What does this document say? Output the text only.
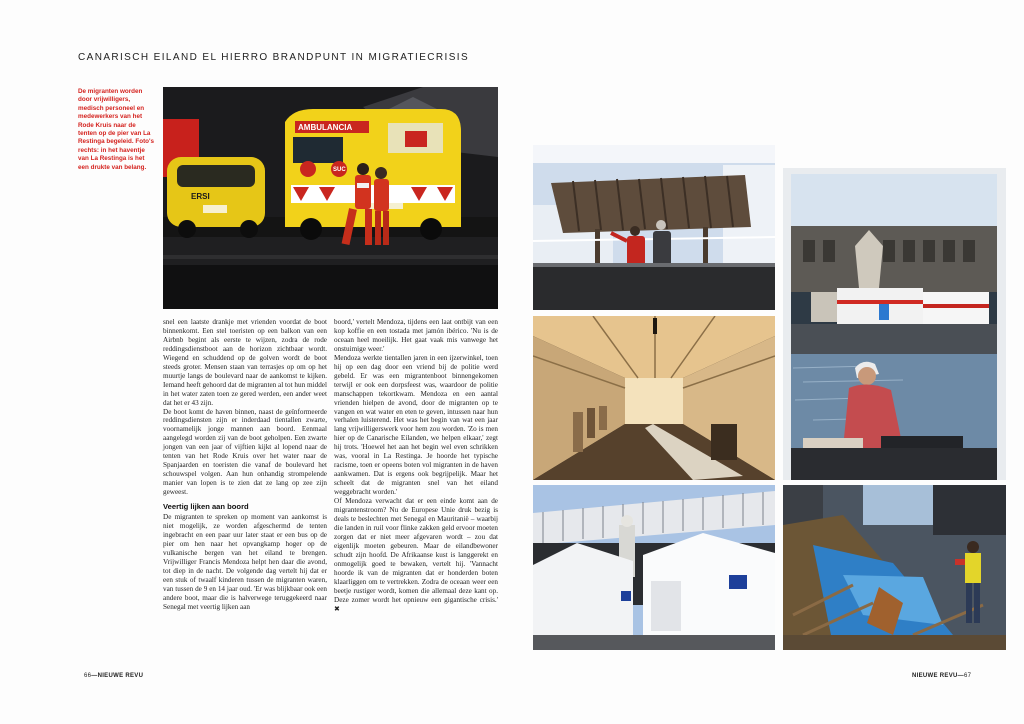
CANARISCH EILAND EL HIERRO BRANDPUNT IN MIGRATIECRISIS
De migranten worden door vrijwilligers, medisch personeel en medewerkers van het Rode Kruis naar de tenten op de pier van La Restinga begeleid. Foto's rechts: in het haventje van La Restinga is het een drukte van belang.
ERSI
AMBULANCIA
SUC

snel een laatste drankje met vrienden voordat de boot binnenkomt. Een stel toeristen op een balkon van een Airbnb begint als eerste te wijzen, zodra de rode reddingsdienstboot aan de horizon zichtbaar wordt. Wiegend en schuddend op de golven wordt de boot steeds groter. Mensen staan van terrasjes op om op het muurtje langs de boulevard naar de aankomst te kijken. Iemand heeft gehoord dat de migranten al tot hun middel in het water zaten toen ze gered werden, een ander weet dat het er 43 zijn.

De boot komt de haven binnen, naast de geïnformeerde reddingsdiensten zijn er inderdaad tientallen zwarte, voornamelijk jonge mannen aan boord. Eenmaal aangelegd worden zij van de boot geholpen. Een zwarte jongen van een jaar of vijftien kijkt al lopend naar de tenten van het Rode Kruis over het water naar de Spanjaarden en toeristen die vanaf de boulevard het schouwspel volgen. Aan hun onhandig strompelende manier van lopen is te zien dat ze lang op zee zijn geweest.

Veertig lijken aan boord

De migranten te spreken op moment van aankomst is niet mogelijk, ze worden afgeschermd de tenten ingebracht en een paar uur later staat er een bus op de pier om hen naar het opvangkamp hoger op de vulkanische bergen van het eiland te brengen. Vrijwilliger Francis Mendoza helpt hen daar die avond, tot diep in de nacht. De volgende dag vertelt hij dat er een stuk of twaalf kinderen tussen de migranten waren, van tussen de 9 en 14 jaar oud. 'Er was blijkbaar ook een andere boot, maar die is halverwege teruggekeerd naar Senegal met veertig lijken aan

boord,' vertelt Mendoza, tijdens een laat ontbijt van een kop koffie en een tostada met jamón ibérico. 'Nu is de oceaan heel moeilijk. Het gaat vaak mis vanwege het onstuimige weer.'

Mendoza werkte tientallen jaren in een ijzerwinkel, toen hij op een dag door een vriend bij de politie werd gebeld. Er was een migrantenboot binnengekomen terwijl er ook een dorpsfeest was, waardoor de politie manschappen tekortkwam. Mendoza en een aantal vrienden hielpen de avond, door de migranten op te vangen en wat water en eten te geven, intussen naar hun verhalen luisterend. Het was het begin van wat een jaar lang vrijwilligerswerk voor hem zou worden. 'Zo is men hier op de Canarische Eilanden, we helpen elkaar,' zegt hij trots. 'Hoewel het aan het begin wel even schrikken was, vooral in La Restinga. Je hoorde het typische racisme, toen er opeens boten vol migranten in de haven aankwamen. Dat is ergens ook begrijpelijk. Maar het scheelt dat de migranten snel van het eiland weggebracht worden.'

Of Mendoza verwacht dat er een einde komt aan de migrantenstroom? Nu de Europese Unie druk bezig is deals te beslechten met Senegal en Mauritanië – waarbij die landen in ruil voor flinke zakken geld ervoor moeten zorgen dat er niet meer afgevaren wordt – zou dat eigenlijk moeten gebeuren. Maar de eilandbewoner schudt zijn hoofd. De Afrikaanse kust is langgerekt en onmogelijk goed te bewaken, vertelt hij. 'Vannacht hoorde ik van de migranten dat er honderden boten klaarliggen om te vertrekken. Zodra de oceaan weer een beetje rustiger wordt, komen die allemaal deze kant op. Deze zomer wordt het opnieuw een gigantische crisis.' ✖

66—NIEUWE REVU	NIEUWE REVU—67
